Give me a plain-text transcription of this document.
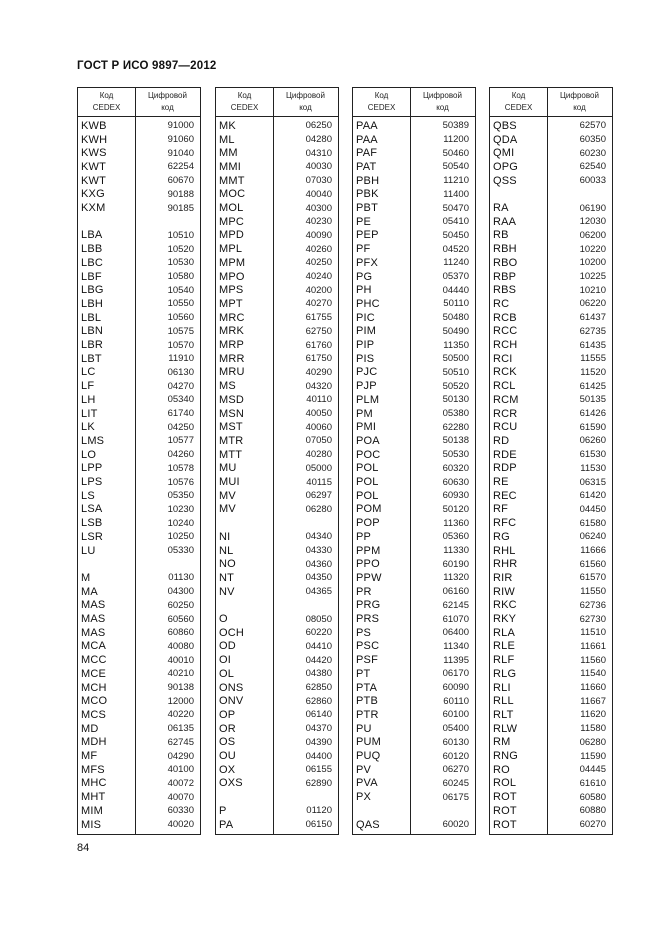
ГОСТ Р ИСО 9897—2012
Код
CEDEX
Цифровой
код
KWB	91000
KWH	91060
KWS	91040
KWT	62254
KWT	60670
KXG	90188
KXM	90185
LBA	10510
LBB	10520
LBC	10530
LBF	10580
LBG	10540
LBH	10550
LBL	10560
LBN	10575
LBR	10570
LBT	11910
LC	06130
LF	04270
LH	05340
LIT	61740
LK	04250
LMS	10577
LO	04260
LPP	10578
LPS	10576
LS	05350
LSA	10230
LSB	10240
LSR	10250
LU	05330
M	01130
MA	04300
MAS	60250
MAS	60560
MAS	60860
MCA	40080
MCC	40010
MCE	40210
MCH	90138
MCO	12000
MCS	40220
MD	06135
MDH	62745
MF	04290
MFS	40100
MHC	40072
MHT	40070
MIM	60330
MIS	40020
Код
CEDEX
Цифровой
код
MK	06250
ML	04280
MM	04310
MMI	40030
MMT	07030
MOC	40040
MOL	40300
MPC	40230
MPD	40090
MPL	40260
MPM	40250
MPO	40240
MPS	40200
MPT	40270
MRC	61755
MRK	62750
MRP	61760
MRR	61750
MRU	40290
MS	04320
MSD	40110
MSN	40050
MST	40060
MTR	07050
MTT	40280
MU	05000
MUI	40115
MV	06297
MV	06280
NI	04340
NL	04330
NO	04360
NT	04350
NV	04365
O	08050
OCH	60220
OD	04410
OI	04420
OL	04380
ONS	62850
ONV	62860
OP	06140
OR	04370
OS	04390
OU	04400
OX	06155
OXS	62890
P	01120
PA	06150
Код
CEDEX
Цифровой
код
PAA	50389
PAA	11200
PAF	50460
PAT	50540
PBH	11210
PBK	11400
PBT	50470
PE	05410
PEP	50450
PF	04520
PFX	11240
PG	05370
PH	04440
PHC	50110
PIC	50480
PIM	50490
PIP	11350
PIS	50500
PJC	50510
PJP	50520
PLM	50130
PM	05380
PMI	62280
POA	50138
POC	50530
POL	60320
POL	60630
POL	60930
POM	50120
POP	11360
PP	05360
PPM	11330
PPO	60190
PPW	11320
PR	06160
PRG	62145
PRS	61070
PS	06400
PSC	11340
PSF	11395
PT	06170
PTA	60090
PTB	60110
PTR	60100
PU	05400
PUM	60130
PUQ	60120
PV	06270
PVA	60245
PX	06175
QAS	60020
Код
CEDEX
Цифровой
код
QBS	62570
QDA	60350
QMI	60230
OPG	62540
QSS	60033
RA	06190
RAA	12030
RB	06200
RBH	10220
RBO	10200
RBP	10225
RBS	10210
RC	06220
RCB	61437
RCC	62735
RCH	61435
RCI	11555
RCK	11520
RCL	61425
RCM	50135
RCR	61426
RCU	61590
RD	06260
RDE	61530
RDP	11530
RE	06315
REC	61420
RF	04450
RFC	61580
RG	06240
RHL	11666
RHR	61560
RIR	61570
RIW	11550
RKC	62736
RKY	62730
RLA	11510
RLE	11661
RLF	11560
RLG	11540
RLI	11660
RLL	11667
RLT	11620
RLW	11580
RM	06280
RNG	11590
RO	04445
ROL	61610
ROT	60580
ROT	60880
ROT	60270
84
